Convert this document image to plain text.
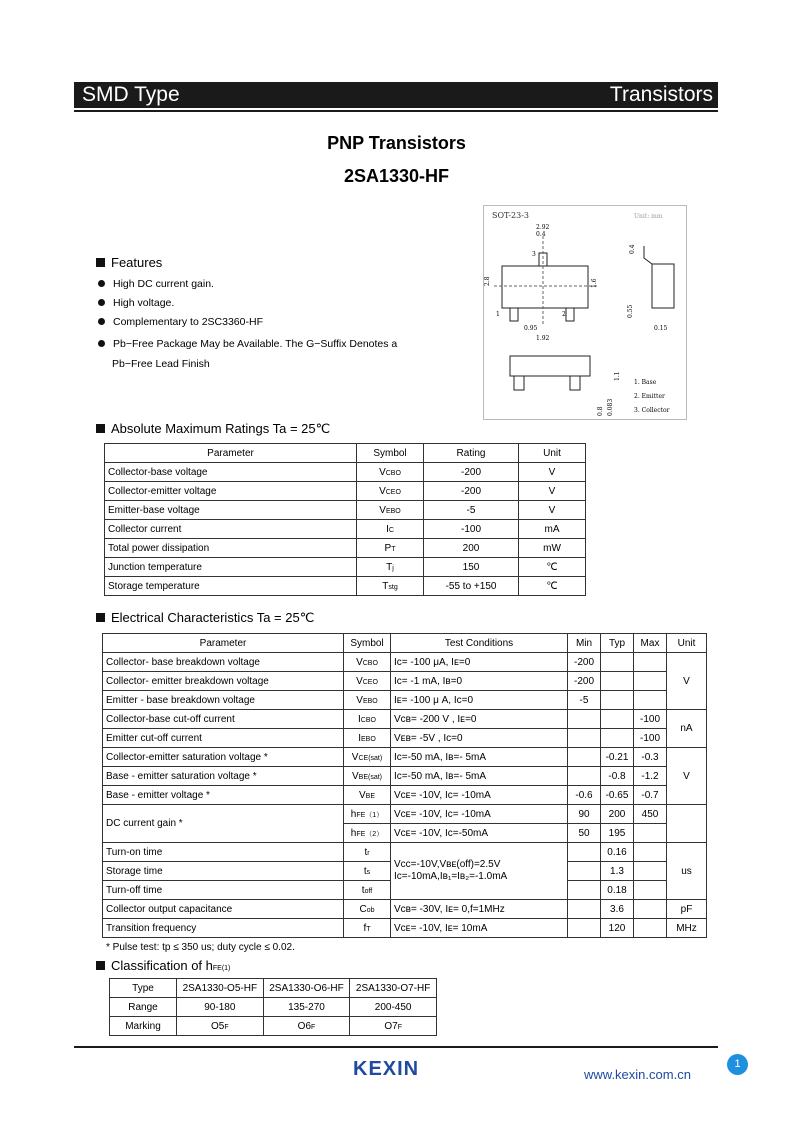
SMD Type	Transistors
PNP Transistors
2SA1330-HF
SOT-23-3	Unit: mm
2.92
0.4
2.8	1.6
0.95
1.92
1	2
3
0.4
0.55
0.15
1.1
0.8 0.083
1. Base
2. Emitter
3. Collector
Features
High DC current gain.
High voltage.
Complementary to 2SC3360-HF
Pb−Free Package May be Available. The G−Suffix Denotes a
Pb−Free Lead Finish
Absolute Maximum Ratings Ta = 25℃
Parameter	Symbol	Rating	Unit
Collector-base voltage	VCBO	-200	V
Collector-emitter voltage	VCEO	-200	V
Emitter-base voltage	VEBO	-5	V
Collector current	IC	-100	mA
Total power dissipation	PT	200	mW
Junction temperature	Tj	150	℃
Storage temperature	Tstg	-55 to +150	℃
Electrical Characteristics Ta = 25℃
Parameter	Symbol	Test Conditions	Min	Typ	Max	Unit
Collector- base breakdown voltage	VCBO	Iᴄ= -100 μA, Iᴇ=0	-200			V
Collector- emitter breakdown voltage	VCEO	Iᴄ= -1 mA, Iʙ=0	-200			
Emitter - base breakdown voltage	VEBO	Iᴇ= -100 μ A, Iᴄ=0	-5			
Collector-base cut-off current	ICBO	Vᴄʙ= -200 V , Iᴇ=0			-100	nA
Emitter cut-off current	IEBO	Vᴇʙ= -5V , Iᴄ=0			-100	
Collector-emitter saturation voltage *	VCE(sat)	Iᴄ=-50 mA, Iʙ=- 5mA		-0.21	-0.3	V
Base - emitter saturation voltage *	VBE(sat)	Iᴄ=-50 mA, Iʙ=- 5mA		-0.8	-1.2	
Base - emitter voltage *	VBE	Vᴄᴇ= -10V, Iᴄ= -10mA	-0.6	-0.65	-0.7	
DC current gain *	hFE（1）	Vᴄᴇ= -10V, Iᴄ= -10mA	90	200	450	
	hFE（2）	Vᴄᴇ= -10V, Iᴄ=-50mA	50	195		
Turn-on time	tr	Vᴄᴄ=-10V,Vʙᴇ(off)=2.5V
Iᴄ=-10mA,Iʙ₁=Iʙ₂=-1.0mA		0.16		us
Storage time	ts			1.3		
Turn-off time	toff			0.18		
Collector output capacitance	Cob	Vᴄʙ= -30V, Iᴇ= 0,f=1MHz		3.6		pF
Transition frequency	fT	Vᴄᴇ= -10V, Iᴇ= 10mA		120		MHz
* Pulse test: tp ≤ 350 us; duty cycle ≤ 0.02.
Classification of hFE(1)
Type	2SA1330-O5-HF	2SA1330-O6-HF	2SA1330-O7-HF
Range	90-180	135-270	200-450
Marking	O5F	O6F	O7F
KEXIN	www.kexin.com.cn
1
